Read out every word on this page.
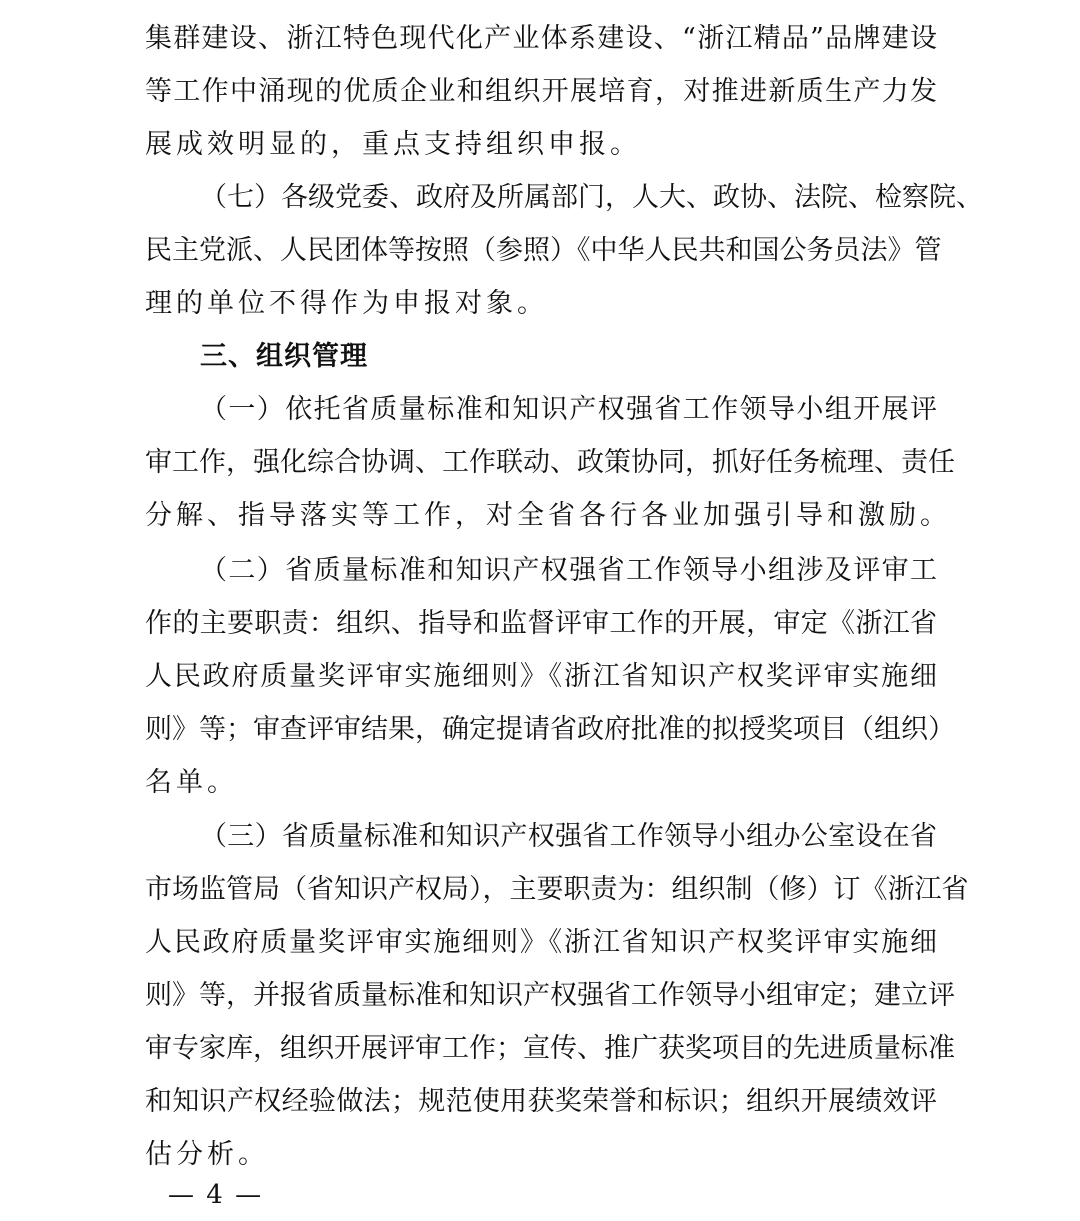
集群建设、浙江特色现代化产业体系建设、“浙江精品”品牌建设
等工作中涌现的优质企业和组织开展培育，对推进新质生产力发
展成效明显的，重点支持组织申报。
（七）各级党委、政府及所属部门，人大、政协、法院、检察院、
民主党派、人民团体等按照（参照）《中华人民共和国公务员法》管
理的单位不得作为申报对象。
三、组织管理
（一）依托省质量标准和知识产权强省工作领导小组开展评
审工作，强化综合协调、工作联动、政策协同，抓好任务梳理、责任
分解、指导落实等工作，对全省各行各业加强引导和激励。
（二）省质量标准和知识产权强省工作领导小组涉及评审工
作的主要职责：组织、指导和监督评审工作的开展，审定《浙江省
人民政府质量奖评审实施细则》《浙江省知识产权奖评审实施细
则》等；审查评审结果，确定提请省政府批准的拟授奖项目（组织）
名单。
（三）省质量标准和知识产权强省工作领导小组办公室设在省
市场监管局（省知识产权局），主要职责为：组织制（修）订《浙江省
人民政府质量奖评审实施细则》《浙江省知识产权奖评审实施细
则》等，并报省质量标准和知识产权强省工作领导小组审定；建立评
审专家库，组织开展评审工作；宣传、推广获奖项目的先进质量标准
和知识产权经验做法；规范使用获奖荣誉和标识；组织开展绩效评
估分析。
— 4 —
